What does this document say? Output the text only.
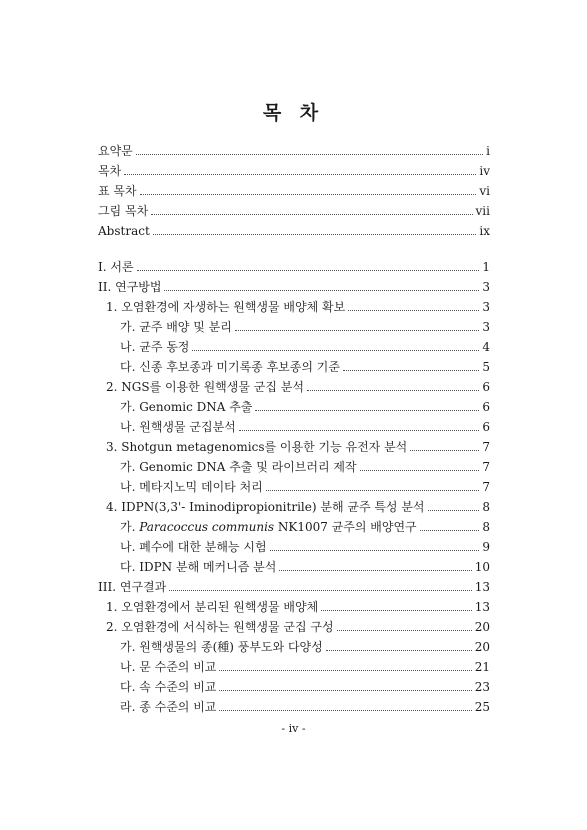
목 차
요약문	i
목차	iv
표 목차	vi
그림 목차	vii
Abstract	ix
I. 서론	1
II. 연구방법	3
1. 오염환경에 자생하는 원핵생물 배양체 확보	3
가. 균주 배양 및 분리	3
나. 균주 동정	4
다. 신종 후보종과 미기록종 후보종의 기준	5
2. NGS를 이용한 원핵생물 군집 분석	6
가. Genomic DNA 추출	6
나. 원핵생물 군집분석	6
3. Shotgun metagenomics를 이용한 기능 유전자 분석	7
가. Genomic DNA 추출 및 라이브러리 제작	7
나. 메타지노믹 데이타 처리	7
4. IDPN(3,3'- Iminodipropionitrile) 분해 균주 특성 분석	8
가. Paracoccus communis NK1007 균주의 배양연구	8
나. 폐수에 대한 분해능 시험	9
다. IDPN 분해 메커니즘 분석	10
III. 연구결과	13
1. 오염환경에서 분리된 원핵생물 배양체	13
2. 오염환경에 서식하는 원핵생물 군집 구성	20
가. 원핵생물의 종(種) 풍부도와 다양성	20
나. 문 수준의 비교	21
다. 속 수준의 비교	23
라. 종 수준의 비교	25
- iv -
